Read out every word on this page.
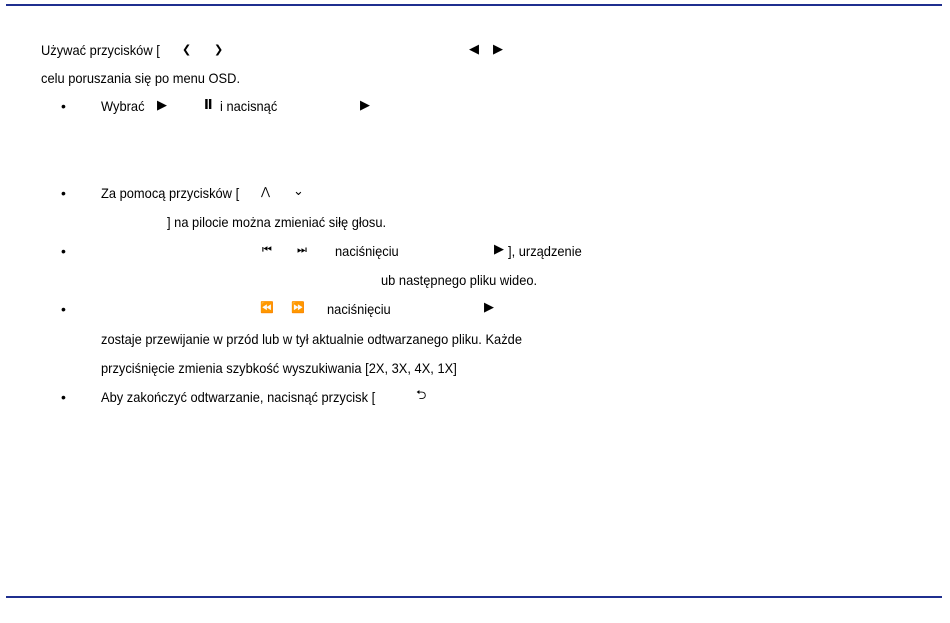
Używać przycisków [ ❮ ❯	◀ ▶
celu poruszania się po menu OSD.
•	Wybrać ▶	Ⅱ i nacisnąć	▶
•	Za pomocą przycisków [ ⋀ ⌄
] na pilocie można zmieniać siłę głosu.
•	⏮ ⏭ naciśnięciu	▶ ], urządzenie
ub następnego pliku wideo.
•	⏪ ⏩ naciśnięciu	▶
zostaje przewijanie w przód lub w tył aktualnie odtwarzanego pliku. Każde
przyciśnięcie zmienia szybkość wyszukiwania [2X, 3X, 4X, 1X]
•	Aby zakończyć odtwarzanie, nacisnąć przycisk [	⮌
